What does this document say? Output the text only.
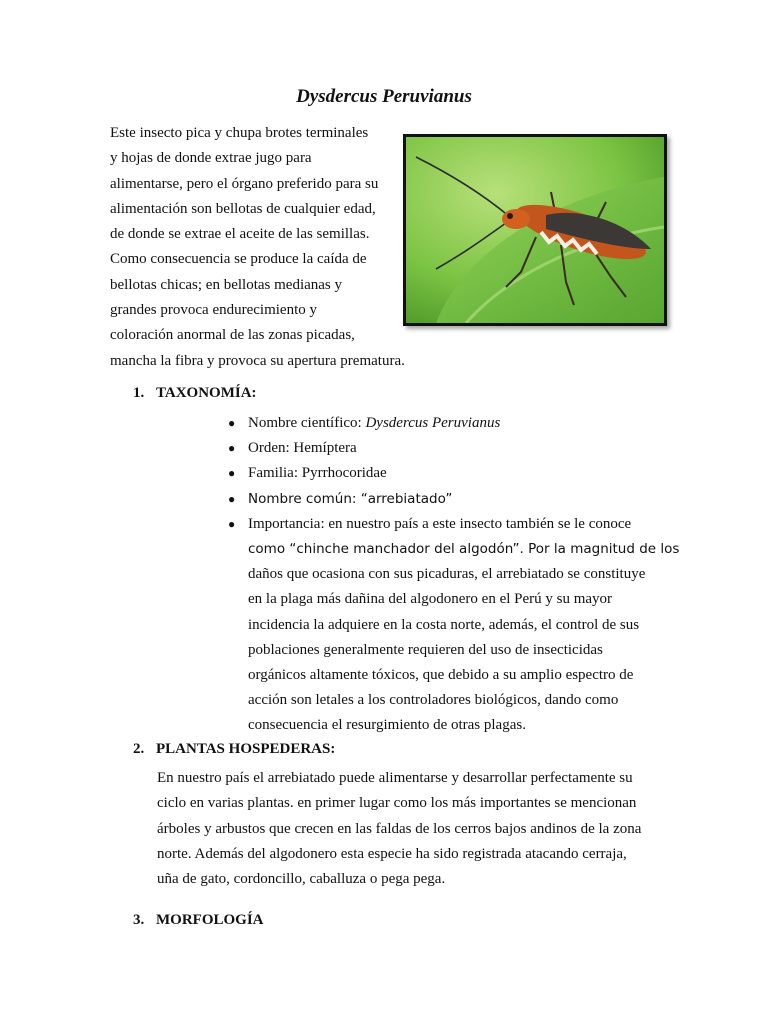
Dysdercus Peruvianus
Este insecto pica y chupa brotes terminales
y hojas de donde extrae jugo para
alimentarse, pero el órgano preferido para su
alimentación son bellotas de cualquier edad,
de donde se extrae el aceite de las semillas.
Como consecuencia se produce la caída de
bellotas chicas; en bellotas medianas y
grandes provoca endurecimiento y
coloración anormal de las zonas picadas,
mancha la fibra y provoca su apertura prematura.
1. TAXONOMÍA:
● Nombre científico: Dysdercus Peruvianus
● Orden: Hemíptera
● Familia: Pyrrhocoridae
● Nombre común: “arrebiatado”
● Importancia: en nuestro país a este insecto también se le conoce
como “chinche manchador del algodón”. Por la magnitud de los
daños que ocasiona con sus picaduras, el arrebiatado se constituye
en la plaga más dañina del algodonero en el Perú y su mayor
incidencia la adquiere en la costa norte, además, el control de sus
poblaciones generalmente requieren del uso de insecticidas
orgánicos altamente tóxicos, que debido a su amplio espectro de
acción son letales a los controladores biológicos, dando como
consecuencia el resurgimiento de otras plagas.
2. PLANTAS HOSPEDERAS:
En nuestro país el arrebiatado puede alimentarse y desarrollar perfectamente su
ciclo en varias plantas. en primer lugar como los más importantes se mencionan
árboles y arbustos que crecen en las faldas de los cerros bajos andinos de la zona
norte. Además del algodonero esta especie ha sido registrada atacando cerraja,
uña de gato, cordoncillo, caballuza o pega pega.
3. MORFOLOGÍA
